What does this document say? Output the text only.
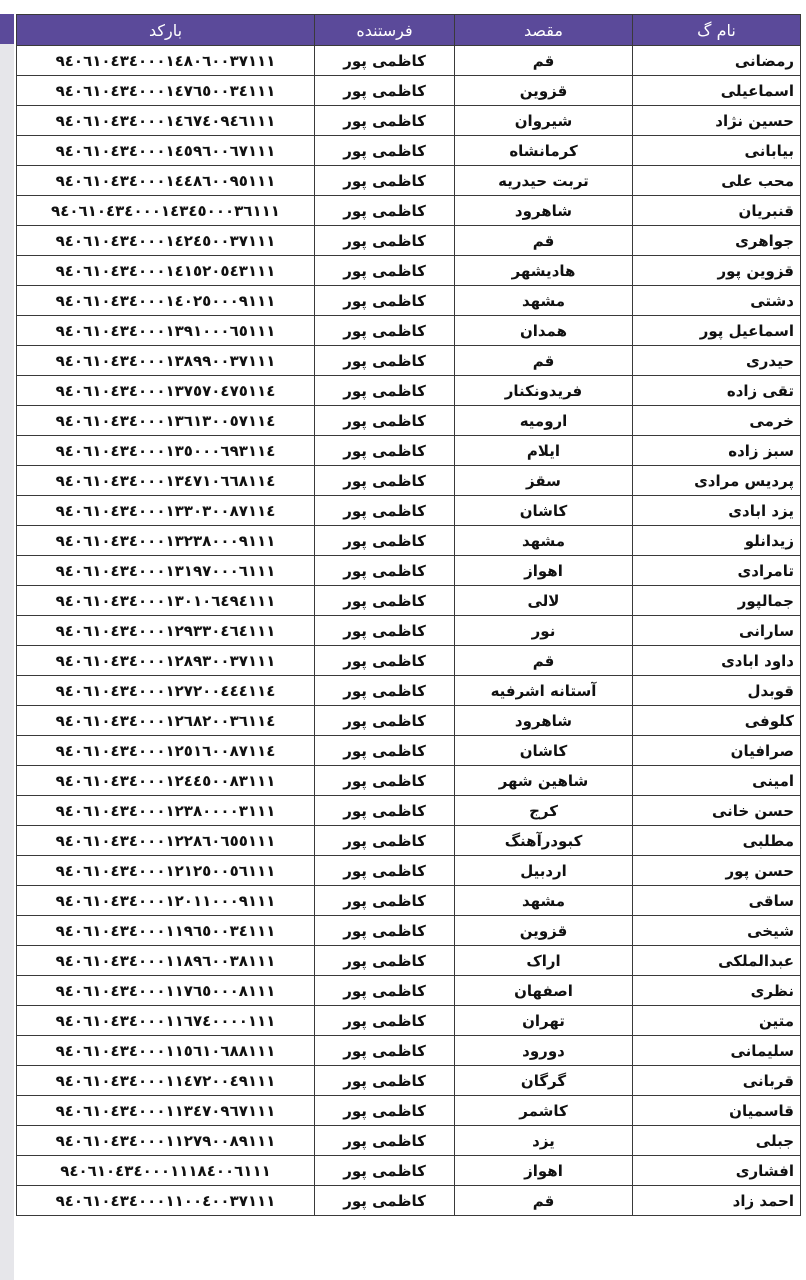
بارکد	فرستنده	مقصد	نام گ
٩٤٠٦١٠٤٣٤٠٠٠١٤٨٠٦٠٠٣٧١١١	کاظمی پور	قم	رمضانی
٩٤٠٦١٠٤٣٤٠٠٠١٤٧٦٥٠٠٣٤١١١	کاظمی پور	قزوین	اسماعیلی
٩٤٠٦١٠٤٣٤٠٠٠١٤٦٧٤٠٩٤٦١١١	کاظمی پور	شیروان	حسین نژاد
٩٤٠٦١٠٤٣٤٠٠٠١٤٥٩٦٠٠٦٧١١١	کاظمی پور	کرمانشاه	بیابانی
٩٤٠٦١٠٤٣٤٠٠٠١٤٤٨٦٠٠٩٥١١١	کاظمی پور	تربت حیدریه	محب علی
٩٤٠٦١٠٤٣٤٠٠٠١٤٣٤٥٠٠٠٣٦١١١	کاظمی پور	شاهرود	قنبریان
٩٤٠٦١٠٤٣٤٠٠٠١٤٢٤٥٠٠٣٧١١١	کاظمی پور	قم	جواهری
٩٤٠٦١٠٤٣٤٠٠٠١٤١٥٢٠٥٤٣١١١	کاظمی پور	هادیشهر	قزوین پور
٩٤٠٦١٠٤٣٤٠٠٠١٤٠٢٥٠٠٠٩١١١	کاظمی پور	مشهد	دشتی
٩٤٠٦١٠٤٣٤٠٠٠١٣٩١٠٠٠٦٥١١١	کاظمی پور	همدان	اسماعیل پور
٩٤٠٦١٠٤٣٤٠٠٠١٣٨٩٩٠٠٣٧١١١	کاظمی پور	قم	حیدری
٩٤٠٦١٠٤٣٤٠٠٠١٣٧٥٧٠٤٧٥١١٤	کاظمی پور	فریدونکنار	تقی زاده
٩٤٠٦١٠٤٣٤٠٠٠١٣٦١٣٠٠٥٧١١٤	کاظمی پور	ارومیه	خرمی
٩٤٠٦١٠٤٣٤٠٠٠١٣٥٠٠٠٦٩٣١١٤	کاظمی پور	ایلام	سبز زاده
٩٤٠٦١٠٤٣٤٠٠٠١٣٤٧١٠٦٦٨١١٤	کاظمی پور	سقز	پردیس مرادی
٩٤٠٦١٠٤٣٤٠٠٠١٣٣٠٣٠٠٨٧١١٤	کاظمی پور	کاشان	یزد ابادی
٩٤٠٦١٠٤٣٤٠٠٠١٣٢٣٨٠٠٠٩١١١	کاظمی پور	مشهد	زیدانلو
٩٤٠٦١٠٤٣٤٠٠٠١٣١٩٧٠٠٠٦١١١	کاظمی پور	اهواز	تامرادی
٩٤٠٦١٠٤٣٤٠٠٠١٣٠١٠٦٤٩٤١١١	کاظمی پور	لالی	جمالپور
٩٤٠٦١٠٤٣٤٠٠٠١٢٩٣٣٠٤٦٤١١١	کاظمی پور	نور	سارانی
٩٤٠٦١٠٤٣٤٠٠٠١٢٨٩٣٠٠٣٧١١١	کاظمی پور	قم	داود ابادی
٩٤٠٦١٠٤٣٤٠٠٠١٢٧٢٠٠٤٤٤١١٤	کاظمی پور	آستانه اشرفیه	قوبدل
٩٤٠٦١٠٤٣٤٠٠٠١٢٦٨٢٠٠٣٦١١٤	کاظمی پور	شاهرود	کلوفی
٩٤٠٦١٠٤٣٤٠٠٠١٢٥١٦٠٠٨٧١١٤	کاظمی پور	کاشان	صرافیان
٩٤٠٦١٠٤٣٤٠٠٠١٢٤٤٥٠٠٨٣١١١	کاظمی پور	شاهین شهر	امینی
٩٤٠٦١٠٤٣٤٠٠٠١٢٣٨٠٠٠٠٣١١١	کاظمی پور	کرج	حسن خانی
٩٤٠٦١٠٤٣٤٠٠٠١٢٢٨٦٠٦٥٥١١١	کاظمی پور	کبودرآهنگ	مطلبی
٩٤٠٦١٠٤٣٤٠٠٠١٢١٢٥٠٠٥٦١١١	کاظمی پور	اردبیل	حسن پور
٩٤٠٦١٠٤٣٤٠٠٠١٢٠١١٠٠٠٩١١١	کاظمی پور	مشهد	ساقی
٩٤٠٦١٠٤٣٤٠٠٠١١٩٦٥٠٠٣٤١١١	کاظمی پور	قزوین	شیخی
٩٤٠٦١٠٤٣٤٠٠٠١١٨٩٦٠٠٣٨١١١	کاظمی پور	اراک	عبدالملکی
٩٤٠٦١٠٤٣٤٠٠٠١١٧٦٥٠٠٠٨١١١	کاظمی پور	اصفهان	نظری
٩٤٠٦١٠٤٣٤٠٠٠١١٦٧٤٠٠٠٠١١١	کاظمی پور	تهران	متین
٩٤٠٦١٠٤٣٤٠٠٠١١٥٦١٠٦٨٨١١١	کاظمی پور	دورود	سلیمانی
٩٤٠٦١٠٤٣٤٠٠٠١١٤٧٢٠٠٤٩١١١	کاظمی پور	گرگان	قربانی
٩٤٠٦١٠٤٣٤٠٠٠١١٣٤٧٠٩٦٧١١١	کاظمی پور	کاشمر	قاسمیان
٩٤٠٦١٠٤٣٤٠٠٠١١٢٧٩٠٠٨٩١١١	کاظمی پور	یزد	جبلی
٩٤٠٦١٠٤٣٤٠٠٠١١١٨٤٠٠٦١١١	کاظمی پور	اهواز	افشاری
٩٤٠٦١٠٤٣٤٠٠٠١١٠٠٤٠٠٣٧١١١	کاظمی پور	قم	احمد زاد
